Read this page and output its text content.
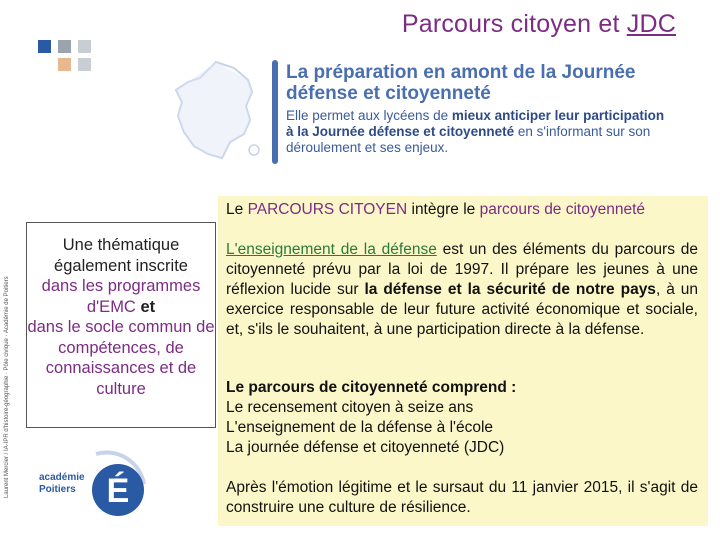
Parcours citoyen et JDC
Laurent Mercier / IA-IPR d'histoire-géographie · Pôle civique · Académie de Poitiers
La préparation en amont de la Journée défense et citoyenneté
Elle permet aux lycéens de mieux anticiper leur participation à la Journée défense et citoyenneté en s'informant sur son déroulement et ses enjeux.
Une thématique également inscrite
dans les programmes d'EMC et
dans le socle commun de compétences, de connaissances et de culture
É
académie
Poitiers
Le PARCOURS CITOYEN intègre le parcours de citoyenneté
L'enseignement de la défense est un des éléments du parcours de citoyenneté prévu par la loi de 1997. Il prépare les jeunes à une réflexion lucide sur la défense et la sécurité de notre pays, à un exercice responsable de leur future activité économique et sociale, et, s'ils le souhaitent, à une participation directe à la défense.
Le parcours de citoyenneté comprend :
Le recensement citoyen à seize ans
L'enseignement de la défense à l'école
La journée défense et citoyenneté (JDC)
Après l'émotion légitime et le sursaut du 11 janvier 2015, il s'agit de construire une culture de résilience.
